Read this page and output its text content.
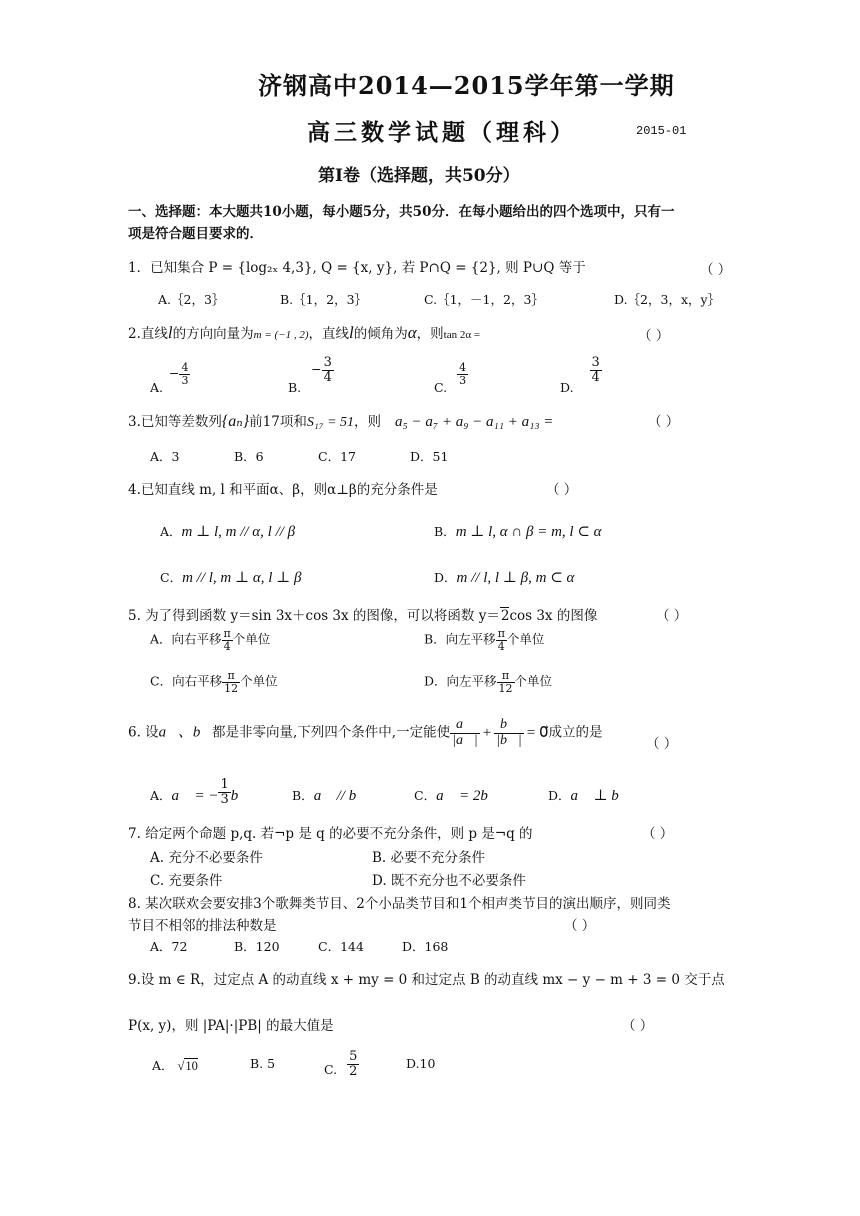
济钢高中2014—2015学年第一学期
高三数学试题（理科）	2015-01
第Ⅰ卷（选择题，共50分）
一、选择题：本大题共10小题，每小题5分，共50分．在每小题给出的四个选项中，只有一
项是符合题目要求的．
1．已知集合 P = {log₂ₓ 4,3}, Q = {x, y}, 若 P∩Q = {2}, 则 P∪Q 等于	（ ）
A.｛2，3｝	B.｛1，2，3｝	C.｛1，－1，2，3｝	D.｛2，3，x，y｝
2.直线l的方向向量为m = (−1 , 2)，直线l的倾角为α，则tan 2α =	（ ）
A. − $\frac{4}{3}$
B. − $\frac{3}{4}$
C.
$\frac{4}{3}$
D.
$\frac{3}{4}$
3.已知等差数列{aₙ}前17项和S₁₇ = 51，则 a₅ − a₇ + a₉ − a₁₁ + a₁₃ =	（ ）
A．3	B．6	C．17	D．51
4.已知直线 m, l 和平面α、β，则α⊥β的充分条件是	（ ）
A．m ⊥ l, m // α, l // β	B．m ⊥ l, α ∩ β = m, l ⊂ α
C．m // l, m ⊥ α, l ⊥ β	D．m // l, l ⊥ β, m ⊂ α
5. 为了得到函数 y＝sin 3x＋cos 3x 的图像，可以将函数 y＝2cos 3x 的图像	（ ）
A．向右平移 $\frac{\pi}{4}$ 个单位	B．向左平移 $\frac{\pi}{4}$ 个单位
C．向右平移 $\frac{\pi}{12}$ 个单位	D．向左平移 $\frac{\pi}{12}$ 个单位
6. 设a⃗、b⃗都是非零向量,下列四个条件中,一定能使 $\frac{a⃗}{|a⃗|} + \frac{b⃗}{|b⃗|}$ = 0⃗成立的是
（ ）
A．a⃗ = − $\frac{1}{3}$ b⃗	B．a⃗ // b⃗	C．a⃗ = 2b⃗	D．a⃗ ⊥ b⃗
7. 给定两个命题 p,q. 若¬p 是 q 的必要不充分条件，则 p 是¬q 的	（ ）
A. 充分不必要条件	B. 必要不充分条件
C. 充要条件	D. 既不充分也不必要条件
8. 某次联欢会要安排3个歌舞类节目、2个小品类节目和1个相声类节目的演出顺序，则同类
节目不相邻的排法种数是	（ ）
A．72	B．120	C．144	D．168
9.设 m ∈ R，过定点 A 的动直线 x + my = 0 和过定点 B 的动直线 mx − y − m + 3 = 0 交于点
P(x, y)，则 |PA|·|PB| 的最大值是	（ ）
A． √10	B. 5	C. $\frac{5}{2}$	D.10
